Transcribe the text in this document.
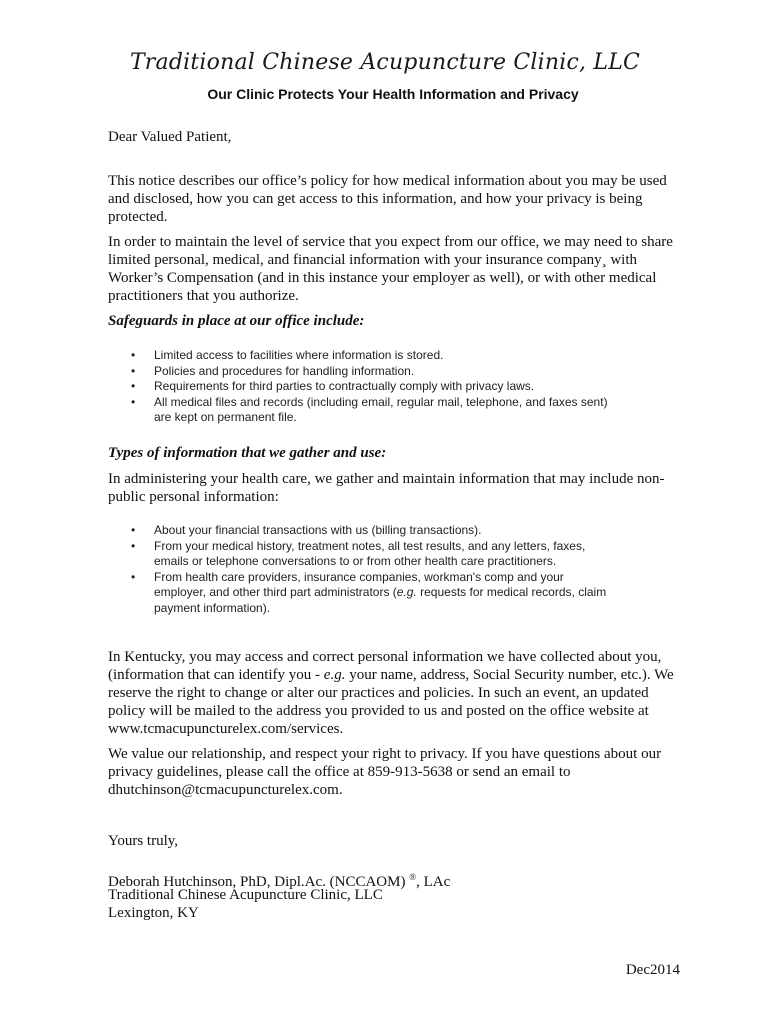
Traditional Chinese Acupuncture Clinic, LLC
Our Clinic Protects Your Health Information and Privacy

Dear Valued Patient,

This notice describes our office’s policy for how medical information about you may be used and disclosed, how you can get access to this information, and how your privacy is being protected.

In order to maintain the level of service that you expect from our office, we may need to share limited personal, medical, and financial information with your insurance company¸ with Worker’s Compensation (and in this instance your employer as well), or with other medical practitioners that you authorize.

Safeguards in place at our office include:

• Limited access to facilities where information is stored.
• Policies and procedures for handling information.
• Requirements for third parties to contractually comply with privacy laws.
• All medical files and records (including email, regular mail, telephone, and faxes sent) are kept on permanent file.

Types of information that we gather and use:

In administering your health care, we gather and maintain information that may include non-public personal information:

• About your financial transactions with us (billing transactions).
• From your medical history, treatment notes, all test results, and any letters, faxes, emails or telephone conversations to or from other health care practitioners.
• From health care providers, insurance companies, workman's comp and your employer, and other third part administrators (e.g. requests for medical records, claim payment information).

In Kentucky, you may access and correct personal information we have collected about you, (information that can identify you - e.g. your name, address, Social Security number, etc.). We reserve the right to change or alter our practices and policies. In such an event, an updated policy will be mailed to the address you provided to us and posted on the office website at www.tcmacupuncturelex.com/services.

We value our relationship, and respect your right to privacy. If you have questions about our privacy guidelines, please call the office at 859-913-5638 or send an email to dhutchinson@tcmacupuncturelex.com.

Yours truly,

Deborah Hutchinson, PhD, Dipl.Ac. (NCCAOM) ®, LAc

Traditional Chinese Acupuncture Clinic, LLC

Lexington, KY

Dec2014
